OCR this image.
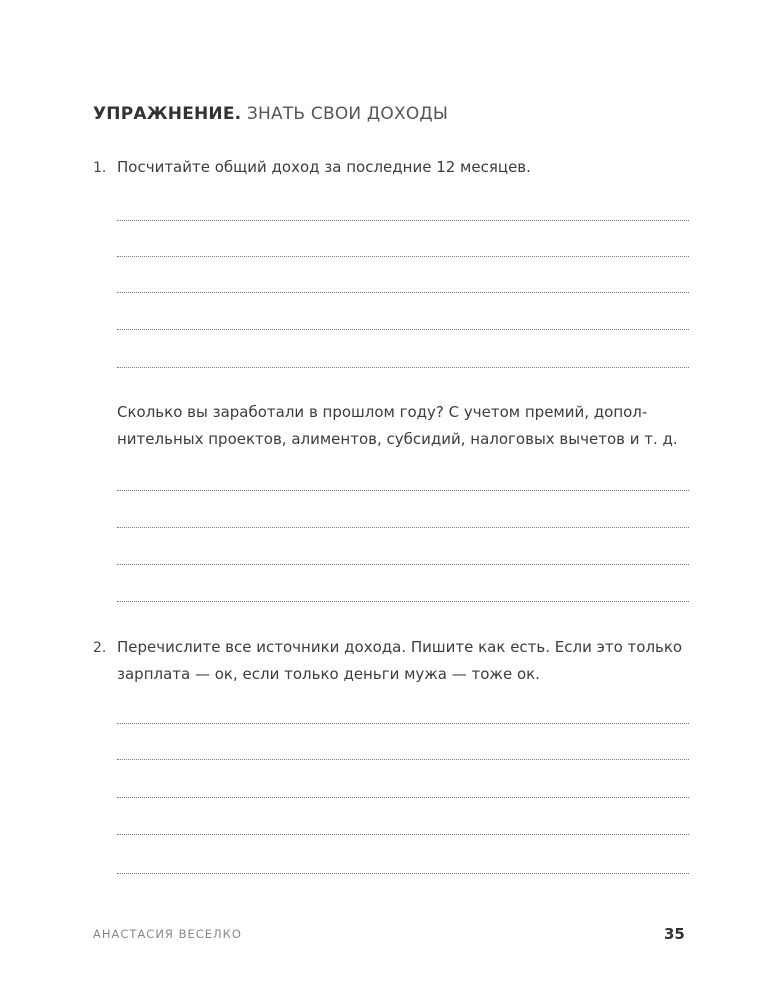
УПРАЖНЕНИЕ. ЗНАТЬ СВОИ ДОХОДЫ
1. Посчитайте общий доход за последние 12 месяцев.
Сколько вы заработали в прошлом году? С учетом премий, допол-
нительных проектов, алиментов, субсидий, налоговых вычетов и т. д.
2. Перечислите все источники дохода. Пишите как есть. Если это только
зарплата — ок, если только деньги мужа — тоже ок.
АНАСТАСИЯ ВЕСЕЛКО	35
